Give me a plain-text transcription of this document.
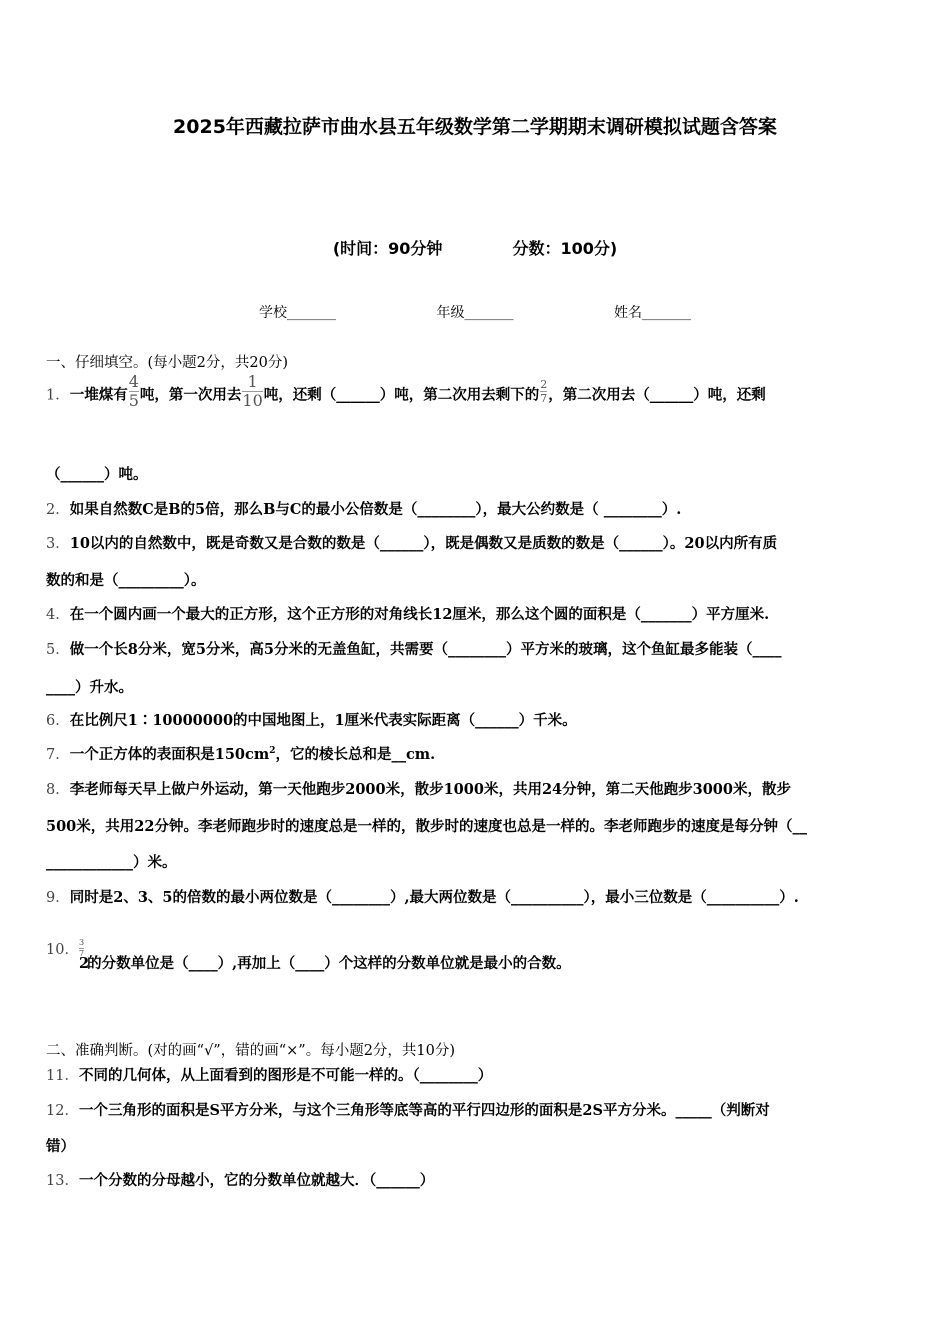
2025年西藏拉萨市曲水县五年级数学第二学期期末调研模拟试题含答案
(时间：90分钟	分数：100分)
学校_______	年级_______	姓名_______
一、仔细填空。(每小题2分，共20分)
1．一堆煤有 $\frac{4}{5}$ 吨，第一次用去 $\frac{1}{10}$ 吨，还剩（______）吨，第二次用去剩下的 $\frac{2}{7}$ ，第二次用去（______）吨，还剩
（______）吨。
2．如果自然数C是B的5倍，那么B与C的最小公倍数是（________），最大公约数是（ ________）.
3．10以内的自然数中，既是奇数又是合数的数是（______），既是偶数又是质数的数是（______）。20以内所有质
数的和是（_________）。
4．在一个圆内画一个最大的正方形，这个正方形的对角线长12厘米，那么这个圆的面积是（_______）平方厘米.
5．做一个长8分米，宽5分米，高5分米的无盖鱼缸，共需要（________）平方米的玻璃，这个鱼缸最多能装（____
____）升水。
6．在比例尺1∶10000000的中国地图上，1厘米代表实际距离（______）千米。
7．一个正方体的表面积是$150cm^2$，它的棱长总和是__cm.
8．李老师每天早上做户外运动，第一天他跑步2000米，散步1000米，共用24分钟，第二天他跑步3000米，散步
500米，共用22分钟。李老师跑步时的速度总是一样的，散步时的速度也总是一样的。李老师跑步的速度是每分钟（__
____________）米。
9．同时是2、3、5的倍数的最小两位数是（________）,最大两位数是（__________），最小三位数是（__________）.
10．2
$\frac{3}{7}$
的分数单位是（____）,再加上（____）个这样的分数单位就是最小的合数。
二、准确判断。(对的画“√”，错的画“×”。每小题2分，共10分)
11．不同的几何体，从上面看到的图形是不可能一样的。（________）
12．一个三角形的面积是S平方分米，与这个三角形等底等高的平行四边形的面积是2S平方分米。_____（判断对
错）
13．一个分数的分母越小，它的分数单位就越大．（______）
